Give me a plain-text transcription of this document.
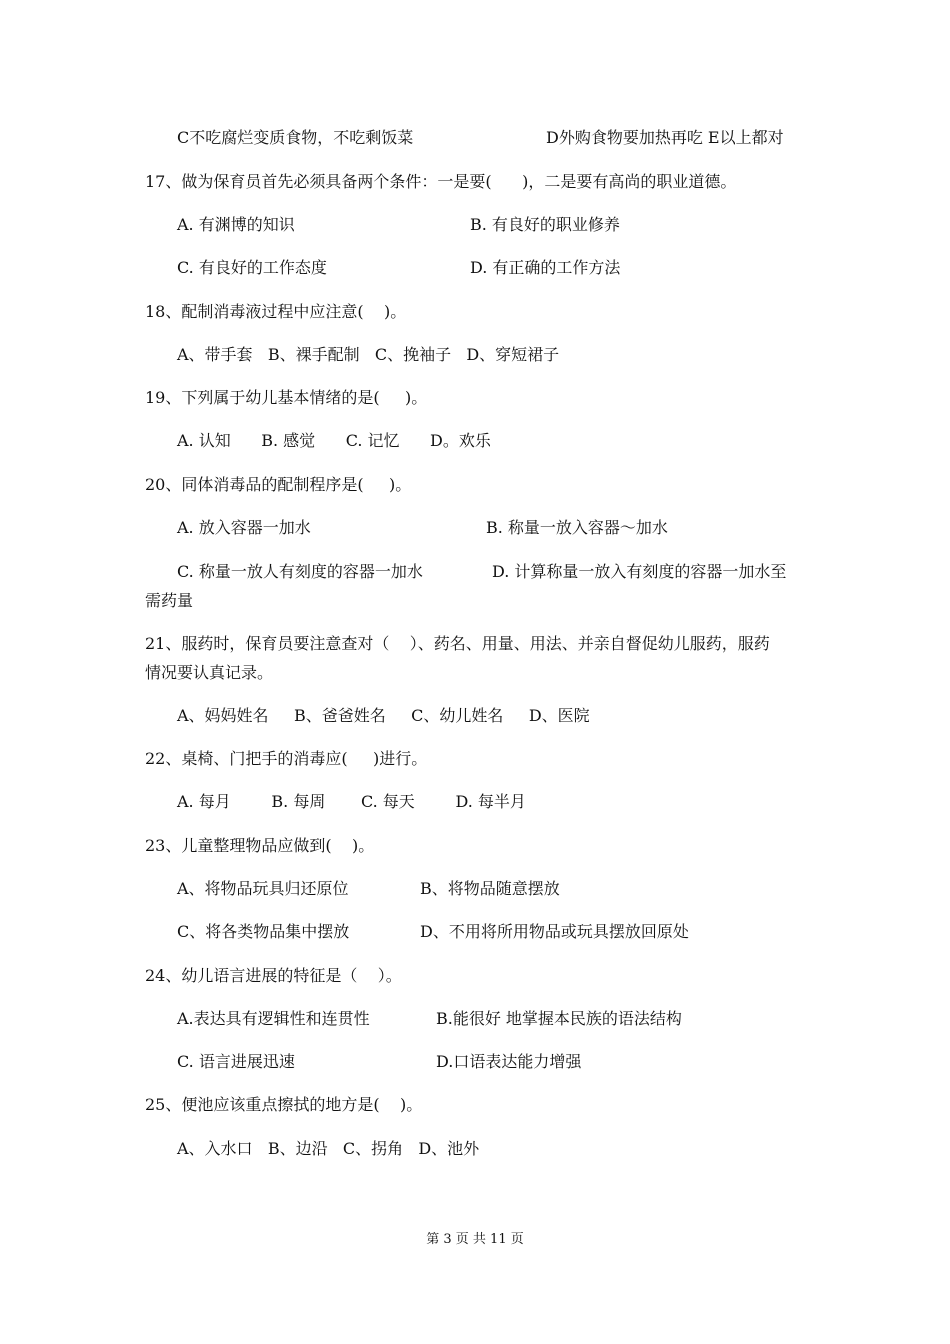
C不吃腐烂变质食物，不吃剩饭菜	D外购食物要加热再吃 E以上都对
17、做为保育员首先必须具备两个条件：一是要(      )，二是要有高尚的职业道德。
A. 有渊博的知识	B. 有良好的职业修养
C. 有良好的工作态度	D. 有正确的工作方法
18、配制消毒液过程中应注意(    )。
A、带手套   B、裸手配制   C、挽袖子   D、穿短裙子
19、下列属于幼儿基本情绪的是(     )。
A. 认知      B. 感觉      C. 记忆      D。欢乐
20、同体消毒品的配制程序是(     )。
A. 放入容器一加水	B. 称量一放入容器～加水
C. 称量一放人有刻度的容器一加水	D. 计算称量一放入有刻度的容器一加水至
需药量
21、服药时，保育员要注意查对（    ）、药名、用量、用法、并亲自督促幼儿服药，服药
情况要认真记录。
A、妈妈姓名     B、爸爸姓名     C、幼儿姓名     D、医院
22、桌椅、门把手的消毒应(     )进行。
A. 每月        B. 每周       C. 每天        D. 每半月
23、儿童整理物品应做到(    )。
A、将物品玩具归还原位	B、将物品随意摆放
C、将各类物品集中摆放	D、不用将所用物品或玩具摆放回原处
24、幼儿语言进展的特征是（    ）。
A.表达具有逻辑性和连贯性	B.能很好 地掌握本民族的语法结构
C. 语言进展迅速	D.口语表达能力增强
25、便池应该重点擦拭的地方是(    )。
A、入水口   B、边沿   C、拐角   D、池外
第 3 页 共 11 页
